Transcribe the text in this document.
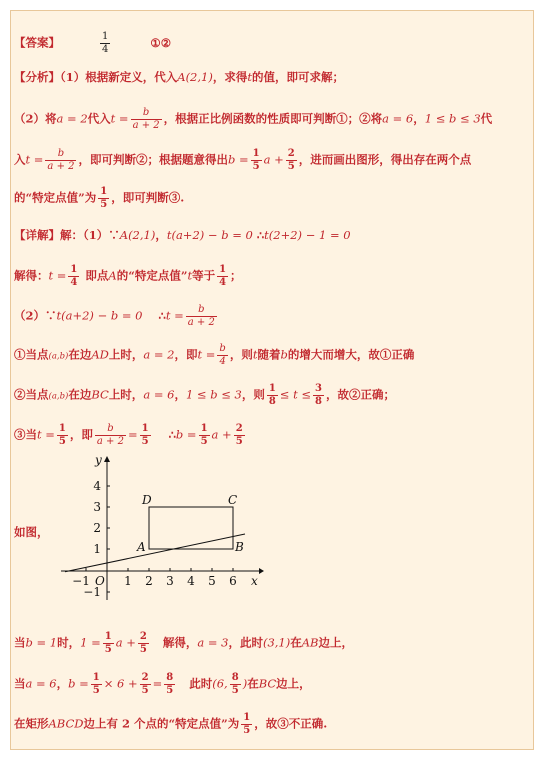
【答案】	$\frac{1}{4}$	①②
【分析】（1）根据新定义，代入A(2,1)，求得t的值，即可求解；
（2）将a = 2代入$t = \frac{b}{a + 2}$ ，根据正比例函数的性质即可判断①；②将a = 6，1 ≤ b ≤ 3代
入$t = \frac{b}{a + 2}$ ，即可判断②；根据题意得出$b = \frac{1}{5}$ $a + \frac{2}{5}$ ，进而画出图形，得出存在两个点
的“特定点值”为 $\frac{1}{5}$ ，即可判断③.
【详解】解：（1）∵A(2,1)，t(a+2) − b = 0 ∴t(2+2) − 1 = 0
解得：$t = \frac{1}{4}$ 即点A的“特定点值”t等于 $\frac{1}{4}$ ；
（2）∵t(a+2) − b = 0 ∴t = $\frac{b}{a + 2}$
①当点(a,b)在边AD上时，a = 2，即$t = \frac{b}{4}$ ，则t随着b的增大而增大，故①正确
②当点(a,b)在边BC上时，a = 6，1 ≤ b ≤ 3，则 $\frac{1}{8} \le t \le \frac{3}{8}$ ，故②正确；
③当$t = \frac{1}{5}$ ，即 $\frac{b}{a + 2} = \frac{1}{5}$ ∴b = $\frac{1}{5}$ $a + \frac{2}{5}$
如图，
y
x
O
D	C
A	B
−1	1 2 3 4 5 6
4
3
2
1
−1
当b = 1时，$1 = \frac{1}{5}$ $a + \frac{2}{5}$ 解得，a = 3，此时(3,1)在AB边上，
当a = 6，$b = \frac{1}{5} \times 6 + \frac{2}{5} = \frac{8}{5}$ 此时(6, $\frac{8}{5}$ )在BC边上，
在矩形ABCD边上有 2 个点的“特定点值”为 $\frac{1}{5}$ ，故③不正确.
